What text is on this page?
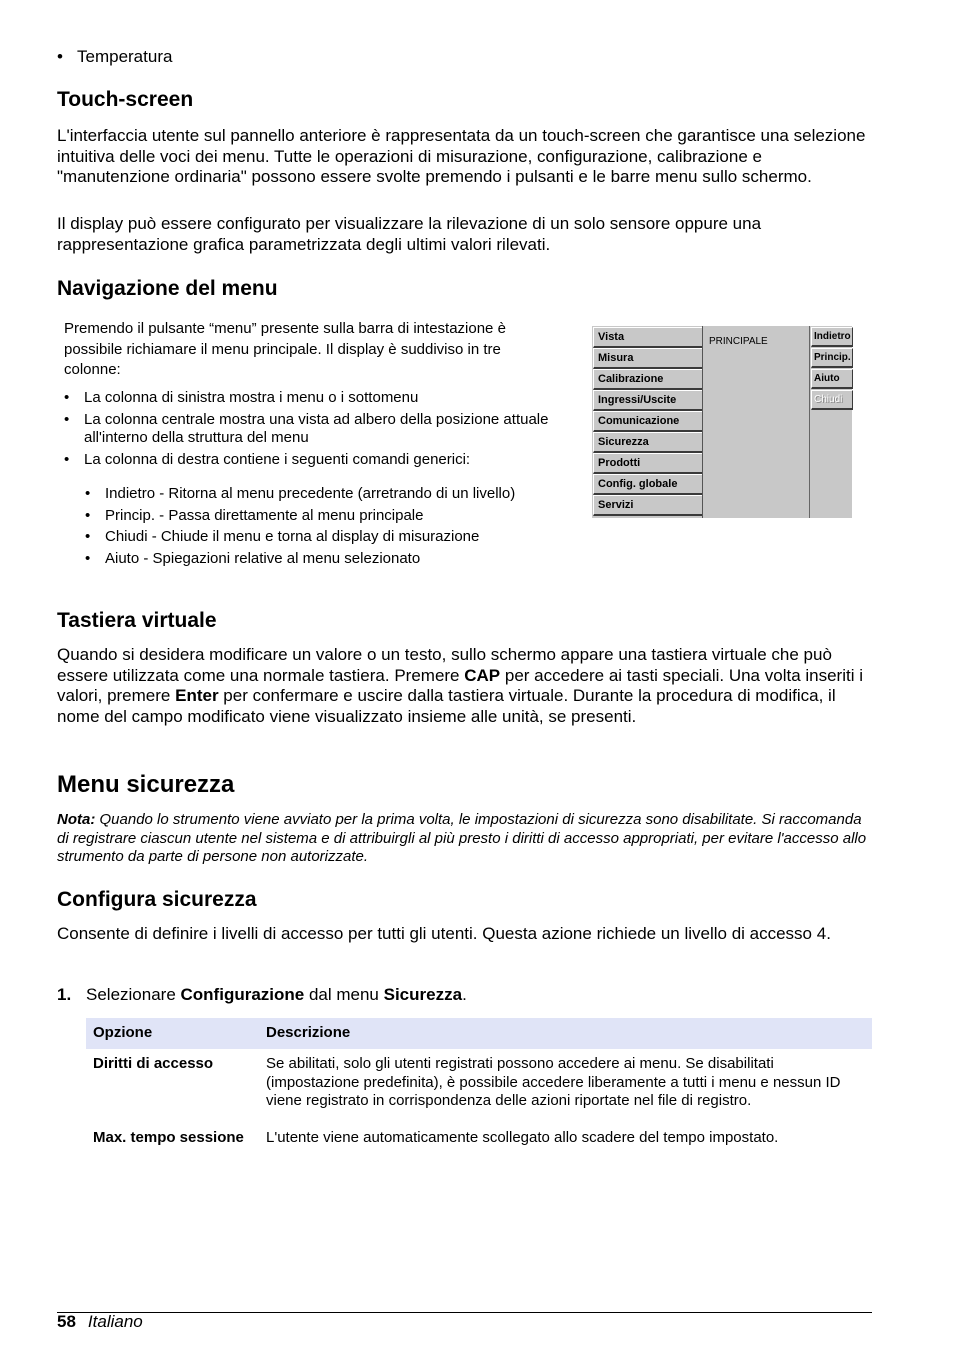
• Temperatura
Touch-screen

L'interfaccia utente sul pannello anteriore è rappresentata da un touch-screen che garantisce una selezione intuitiva delle voci dei menu. Tutte le operazioni di misurazione, configurazione, calibrazione e "manutenzione ordinaria" possono essere svolte premendo i pulsanti e le barre menu sullo schermo.

Il display può essere configurato per visualizzare la rilevazione di un solo sensore oppure una rappresentazione grafica parametrizzata degli ultimi valori rilevati.

Navigazione del menu

Premendo il pulsante “menu” presente sulla barra di intestazione è possibile richiamare il menu principale. Il display è suddiviso in tre colonne:

• La colonna di sinistra mostra i menu o i sottomenu
• La colonna centrale mostra una vista ad albero della posizione attuale all'interno della struttura del menu
• La colonna di destra contiene i seguenti comandi generici:
• Indietro - Ritorna al menu precedente (arretrando di un livello)
• Princip. - Passa direttamente al menu principale
• Chiudi - Chiude il menu e torna al display di misurazione
• Aiuto - Spiegazioni relative al menu selezionato
Vista
Misura
Calibrazione
Ingressi/Uscite
Comunicazione
Sicurezza
Prodotti
Config. globale
Servizi
PRINCIPALE	Indietro
Princip.
Aiuto
Chiudi
Tastiera virtuale

Quando si desidera modificare un valore o un testo, sullo schermo appare una tastiera virtuale che può essere utilizzata come una normale tastiera. Premere CAP per accedere ai tasti speciali. Una volta inseriti i valori, premere Enter per confermare e uscire dalla tastiera virtuale. Durante la procedura di modifica, il nome del campo modificato viene visualizzato insieme alle unità, se presenti.

Menu sicurezza
Nota: Quando lo strumento viene avviato per la prima volta, le impostazioni di sicurezza sono disabilitate. Si raccomanda di registrare ciascun utente nel sistema e di attribuirgli al più presto i diritti di accesso appropriati, per evitare l'accesso allo strumento da parte di persone non autorizzate.
Configura sicurezza

Consente di definire i livelli di accesso per tutti gli utenti. Questa azione richiede un livello di accesso 4.

1. Selezionare Configurazione dal menu Sicurezza.
Opzione	Descrizione
Diritti di accesso	Se abilitati, solo gli utenti registrati possono accedere ai menu. Se disabilitati (impostazione predefinita), è possibile accedere liberamente a tutti i menu e nessun ID viene registrato in corrispondenza delle azioni riportate nel file di registro.
Max. tempo sessione	L'utente viene automaticamente scollegato allo scadere del tempo impostato.
58 Italiano
